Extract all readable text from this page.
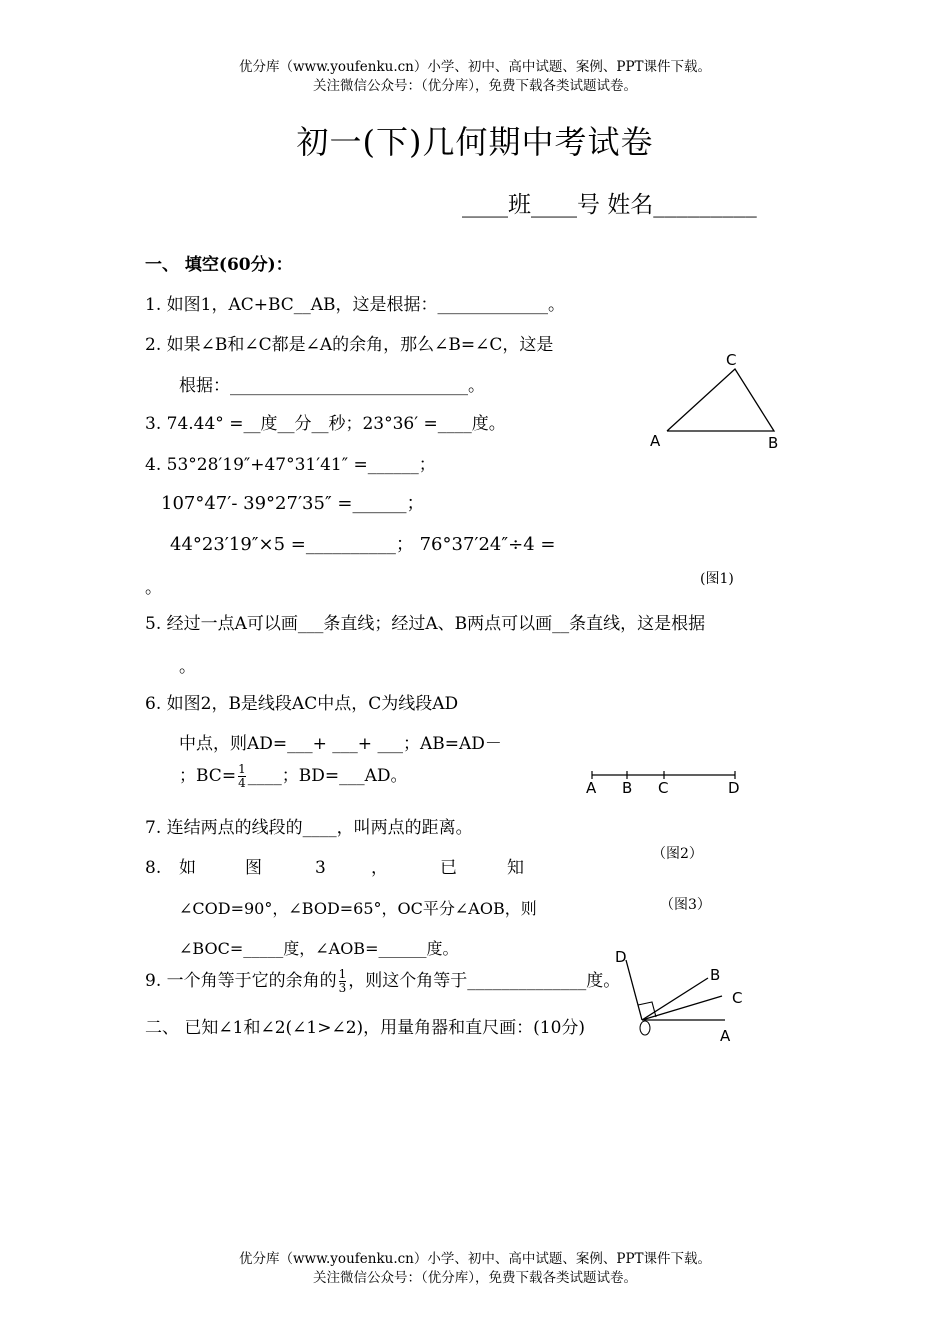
优分库（www.youfenku.cn）小学、初中、高中试题、案例、PPT课件下载。
关注微信公众号：（优分库），免费下载各类试题试卷。
初一(下)几何期中考试卷
____班____号 姓名_________
一、 填空(60分)：
1. 如图1，AC+BC__AB，这是根据：_____________。
2. 如果∠B和∠C都是∠A的余角，那么∠B=∠C，这是
根据：____________________________。
3. 74.44° =__度__分__秒；23°36′ =____度。
4. 53°28′19″+47°31′41″ =______；
107°47′- 39°27′35″ =______；
44°23′19″×5 =__________； 76°37′24″÷4 =
。
5. 经过一点A可以画___条直线；经过A、B两点可以画__条直线，这是根据
。
6. 如图2，B是线段AC中点，C为线段AD
中点，则AD=___+ ___+ ___；AB=AD－
；$BC= \frac{1}{4}$ ____；BD=___AD。
7. 连结两点的线段的____，叫两点的距离。
8. 如	图	3	，	已	知
∠COD=90°，∠BOD=65°，OC平分∠AOB，则
∠BOC=_____度，∠AOB=______度。
9. 一个角等于它的余角的 $\frac{1}{3}$ ，则这个角等于______________度。
二、 已知∠1和∠2(∠1>∠2)，用量角器和直尺画：(10分)
A	B
C
(图1)
A B C	D
（图2）
（图3）
D
B
C
A
优分库（www.youfenku.cn）小学、初中、高中试题、案例、PPT课件下载。
关注微信公众号：（优分库），免费下载各类试题试卷。
